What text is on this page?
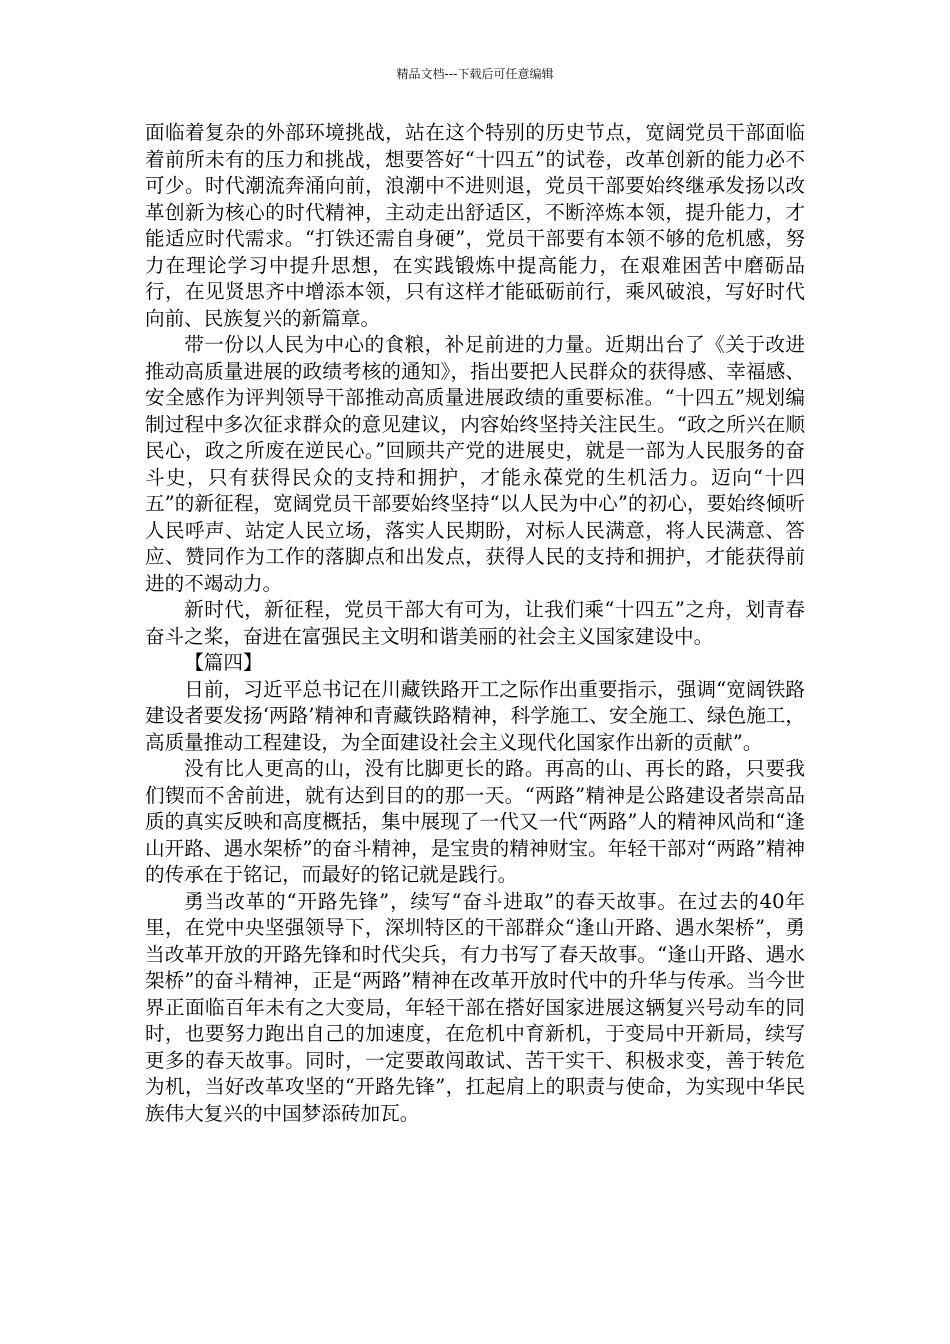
精品文档---下载后可任意编辑

面临着复杂的外部环境挑战，站在这个特别的历史节点，宽阔党员干部面临着前所未有的压力和挑战，想要答好“十四五”的试卷，改革创新的能力必不可少。时代潮流奔涌向前，浪潮中不进则退，党员干部要始终继承发扬以改革创新为核心的时代精神，主动走出舒适区，不断淬炼本领，提升能力，才能适应时代需求。“打铁还需自身硬”，党员干部要有本领不够的危机感，努力在理论学习中提升思想，在实践锻炼中提高能力，在艰难困苦中磨砺品行，在见贤思齐中增添本领，只有这样才能砥砺前行，乘风破浪，写好时代向前、民族复兴的新篇章。

带一份以人民为中心的食粮，补足前进的力量。近期出台了《关于改进推动高质量进展的政绩考核的通知》，指出要把人民群众的获得感、幸福感、安全感作为评判领导干部推动高质量进展政绩的重要标准。“十四五”规划编制过程中多次征求群众的意见建议，内容始终坚持关注民生。“政之所兴在顺民心，政之所废在逆民心。”回顾共产党的进展史，就是一部为人民服务的奋斗史，只有获得民众的支持和拥护，才能永葆党的生机活力。迈向“十四五”的新征程，宽阔党员干部要始终坚持“以人民为中心”的初心，要始终倾听人民呼声、站定人民立场，落实人民期盼，对标人民满意，将人民满意、答应、赞同作为工作的落脚点和出发点，获得人民的支持和拥护，才能获得前进的不竭动力。

新时代，新征程，党员干部大有可为，让我们乘“十四五”之舟，划青春奋斗之桨，奋进在富强民主文明和谐美丽的社会主义国家建设中。

【篇四】

日前，习近平总书记在川藏铁路开工之际作出重要指示，强调“宽阔铁路建设者要发扬‘两路’精神和青藏铁路精神，科学施工、安全施工、绿色施工，高质量推动工程建设，为全面建设社会主义现代化国家作出新的贡献”。

没有比人更高的山，没有比脚更长的路。再高的山、再长的路，只要我们锲而不舍前进，就有达到目的的那一天。“两路”精神是公路建设者崇高品质的真实反映和高度概括，集中展现了一代又一代“两路”人的精神风尚和“逢山开路、遇水架桥”的奋斗精神，是宝贵的精神财宝。年轻干部对“两路”精神的传承在于铭记，而最好的铭记就是践行。

勇当改革的“开路先锋”，续写“奋斗进取”的春天故事。在过去的40年里，在党中央坚强领导下，深圳特区的干部群众“逢山开路、遇水架桥”，勇当改革开放的开路先锋和时代尖兵，有力书写了春天故事。“逢山开路、遇水架桥”的奋斗精神，正是“两路”精神在改革开放时代中的升华与传承。当今世界正面临百年未有之大变局，年轻干部在搭好国家进展这辆复兴号动车的同时，也要努力跑出自己的加速度，在危机中育新机，于变局中开新局，续写更多的春天故事。同时，一定要敢闯敢试、苦干实干、积极求变，善于转危为机，当好改革攻坚的“开路先锋”，扛起肩上的职责与使命，为实现中华民族伟大复兴的中国梦添砖加瓦。
